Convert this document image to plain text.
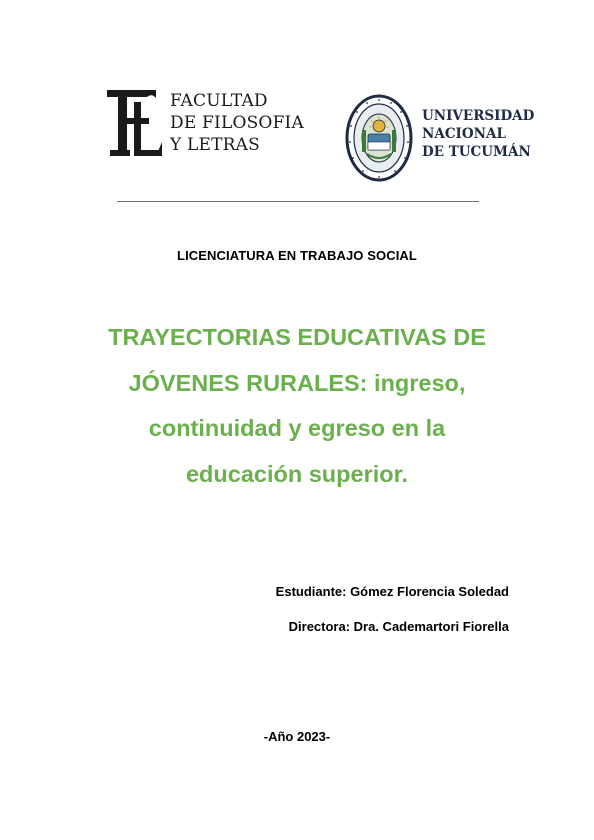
FACULTAD
DE FILOSOFIA
Y LETRAS
UNIVERSIDAD
NACIONAL
DE TUCUMÁN
LICENCIATURA EN TRABAJO SOCIAL
TRAYECTORIAS EDUCATIVAS DE
JÓVENES RURALES: ingreso,
continuidad y egreso en la
educación superior.
Estudiante: Gómez Florencia Soledad
Directora: Dra. Cademartori Fiorella
-Año 2023-
